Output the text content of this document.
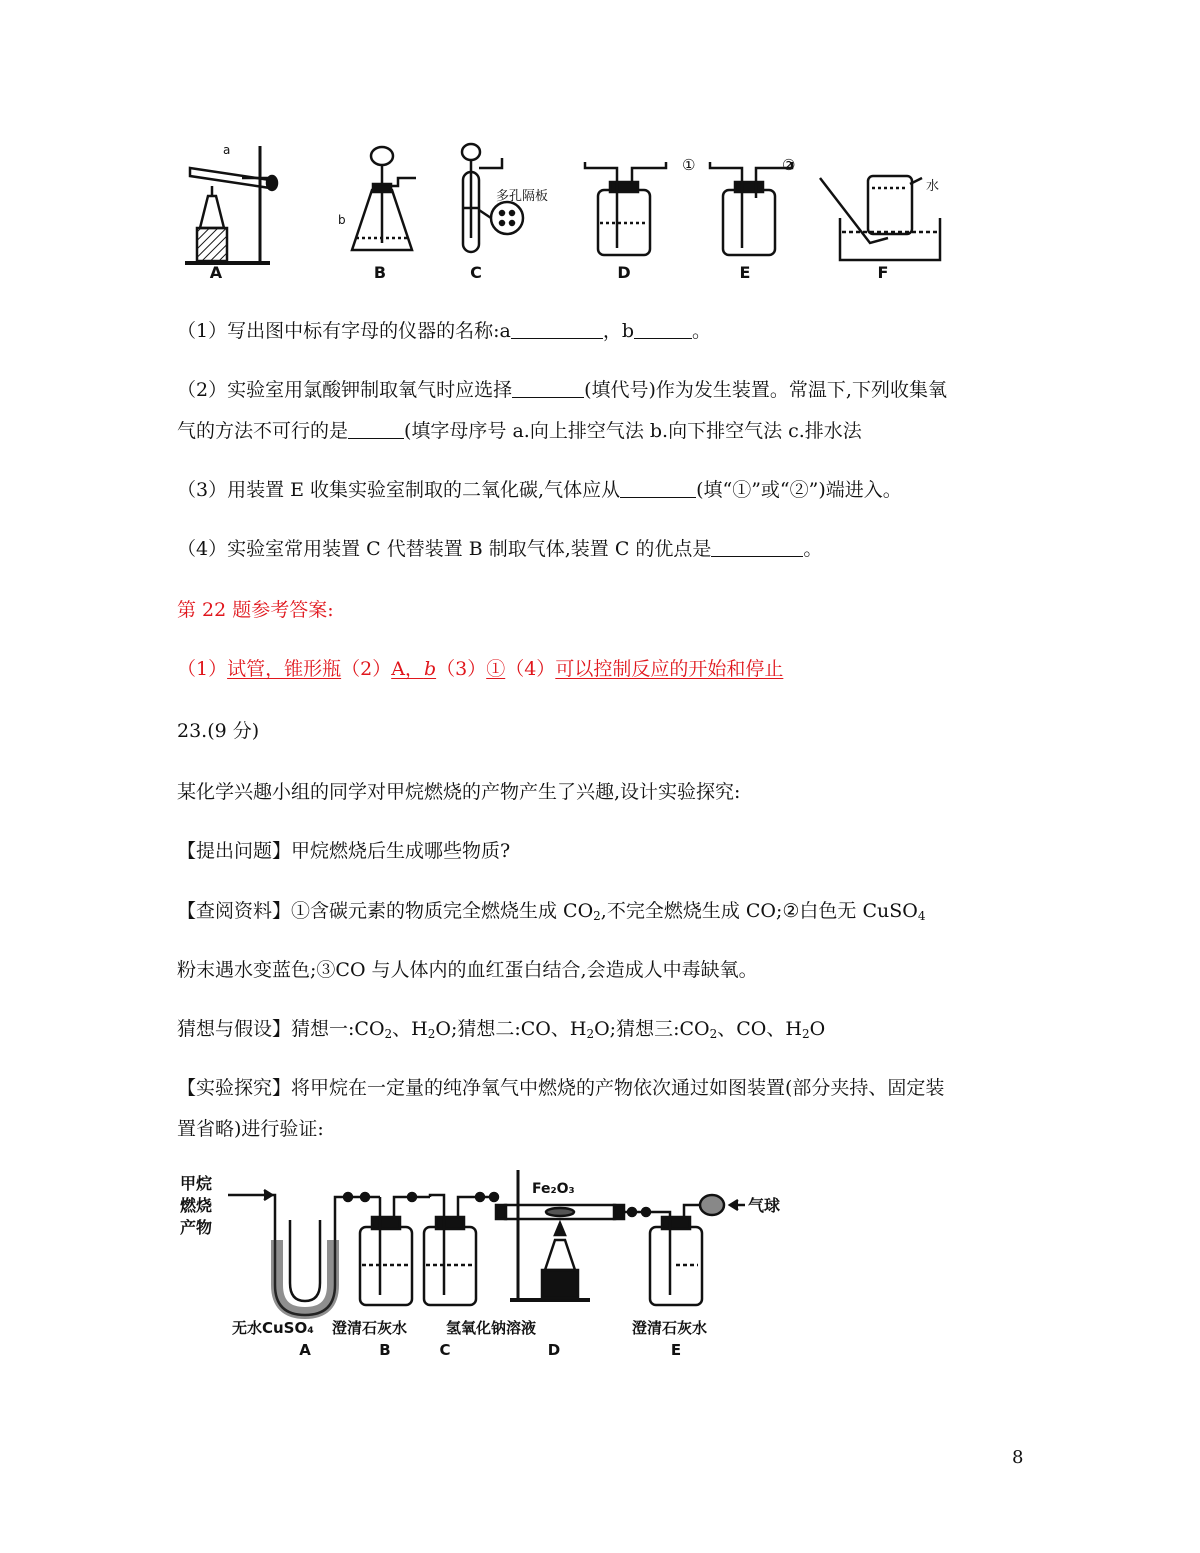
A	B	C	D	E	F
a
b
多孔隔板
①	②
水
（1）写出图中标有字母的仪器的名称:a	，b	。
（2）实验室用氯酸钾制取氧气时应选择	(填代号)作为发生装置。常温下,下列收集氧
气的方法不可行的是	(填字母序号 a.向上排空气法 b.向下排空气法 c.排水法
（3）用装置 E 收集实验室制取的二氧化碳,气体应从	(填“①”或“②”)端进入。
（4）实验室常用装置 C 代替装置 B 制取气体,装置 C 的优点是	。
第 22 题参考答案:
（1）试管，锥形瓶（2）A，b（3）①（4）可以控制反应的开始和停止
23.(9 分)
某化学兴趣小组的同学对甲烷燃烧的产物产生了兴趣,设计实验探究:
【提出问题】甲烷燃烧后生成哪些物质?
【查阅资料】①含碳元素的物质完全燃烧生成 $CO_2$,不完全燃烧生成 CO;②白色无 CuSO$_4$
粉末遇水变蓝色;③CO 与人体内的血红蛋白结合,会造成人中毒缺氧。
猜想与假设】猜想一$:CO_2$、$H_2O$;猜想二:CO、$H_2O$;猜想三$:CO_2$、CO、$H_2O$
【实验探究】将甲烷在一定量的纯净氧气中燃烧的产物依次通过如图装置(部分夹持、固定装
置省略)进行验证:
甲烷
燃烧
产物
Fe₂O₃
气球
无水CuSO₄ 澄清石灰水	氢氧化钠溶液	澄清石灰水
A	B	C	D	E
8
